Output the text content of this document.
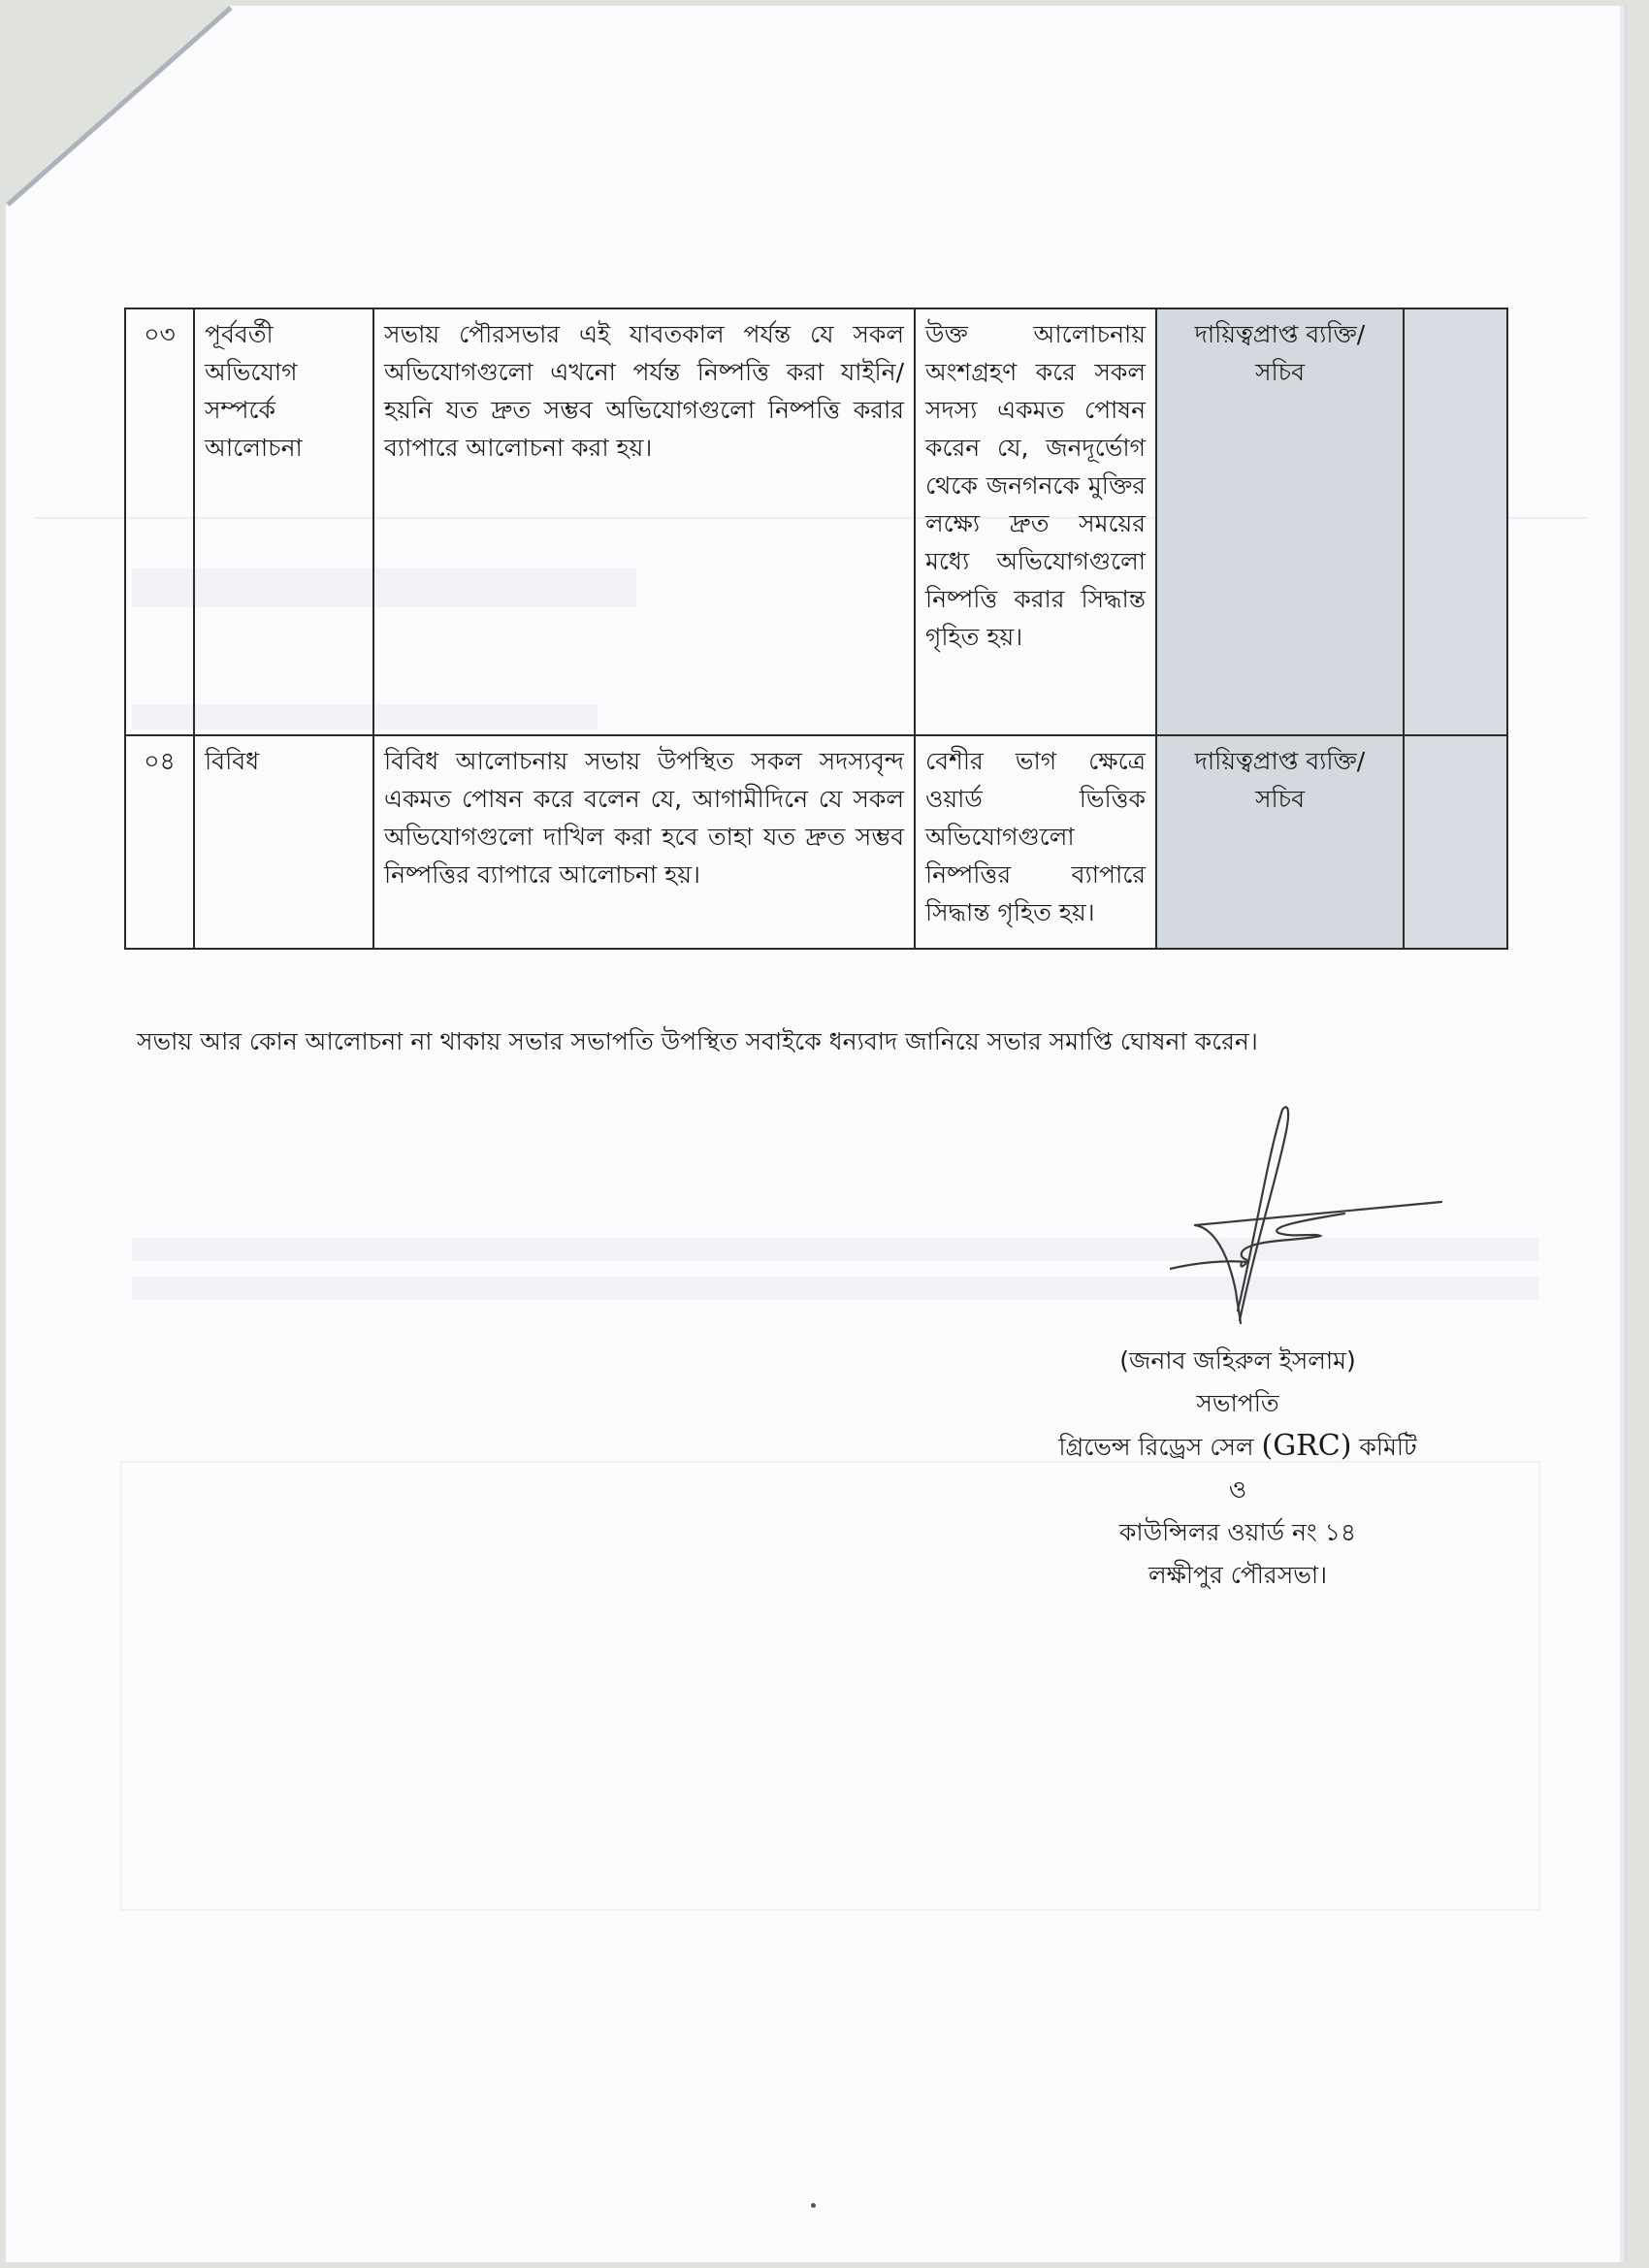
০৩	পূর্ববর্তী অভিযোগ সম্পর্কে আলোচনা	সভায় পৌরসভার এই যাবতকাল পর্যন্ত যে সকল অভিযোগগুলো এখনো পর্যন্ত নিষ্পত্তি করা যাইনি/হয়নি যত দ্রুত সম্ভব অভিযোগগুলো নিষ্পত্তি করার ব্যাপারে আলোচনা করা হয়।	উক্ত আলোচনায় অংশগ্রহণ করে সকল সদস্য একমত পোষন করেন যে, জনদূর্ভোগ থেকে জনগনকে মুক্তির লক্ষ্যে দ্রুত সময়ের মধ্যে অভিযোগগুলো নিষ্পত্তি করার সিদ্ধান্ত গৃহিত হয়।	দায়িত্বপ্রাপ্ত ব্যক্তি/ সচিব	
০৪	বিবিধ	বিবিধ আলোচনায় সভায় উপস্থিত সকল সদস্যবৃন্দ একমত পোষন করে বলেন যে, আগামীদিনে যে সকল অভিযোগগুলো দাখিল করা হবে তাহা যত দ্রুত সম্ভব নিষ্পত্তির ব্যাপারে আলোচনা হয়।	বেশীর ভাগ ক্ষেত্রে ওয়ার্ড ভিত্তিক অভিযোগগুলো নিষ্পত্তির ব্যাপারে সিদ্ধান্ত গৃহিত হয়।	দায়িত্বপ্রাপ্ত ব্যক্তি/ সচিব	
সভায় আর কোন আলোচনা না থাকায় সভার সভাপতি উপস্থিত সবাইকে ধন্যবাদ জানিয়ে সভার সমাপ্তি ঘোষনা করেন।
(জনাব জহিরুল ইসলাম)
সভাপতি
গ্রিভেন্স রিড্রেস সেল (GRC) কমিটি
ও
কাউন্সিলর ওয়ার্ড নং ১৪
লক্ষীপুর পৌরসভা।
